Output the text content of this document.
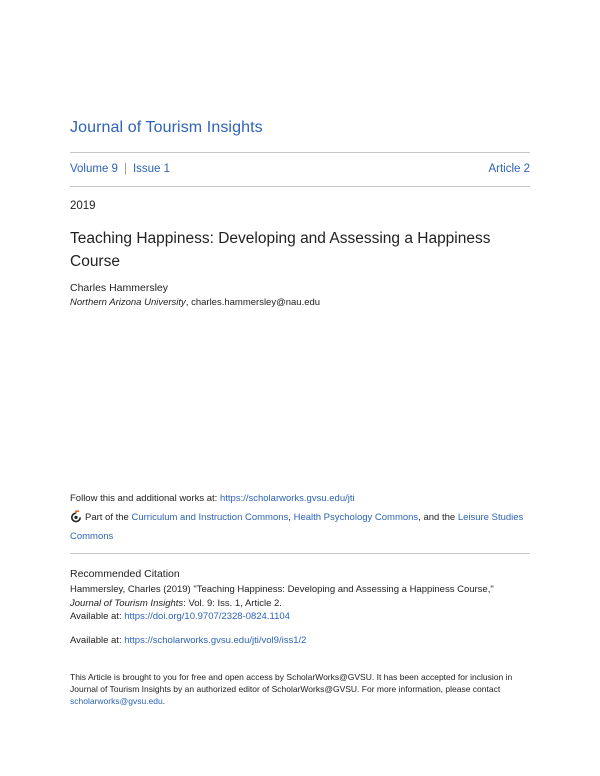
Journal of Tourism Insights
Volume 9 | Issue 1	Article 2
2019
Teaching Happiness: Developing and Assessing a Happiness Course
Charles Hammersley
Northern Arizona University, charles.hammersley@nau.edu
Follow this and additional works at: https://scholarworks.gvsu.edu/jti
Part of the Curriculum and Instruction Commons, Health Psychology Commons, and the Leisure Studies Commons
Recommended Citation
Hammersley, Charles (2019) "Teaching Happiness: Developing and Assessing a Happiness Course,"
Journal of Tourism Insights: Vol. 9: Iss. 1, Article 2.
Available at: https://doi.org/10.9707/2328-0824.1104
Available at: https://scholarworks.gvsu.edu/jti/vol9/iss1/2
This Article is brought to you for free and open access by ScholarWorks@GVSU. It has been accepted for inclusion in Journal of Tourism Insights by an authorized editor of ScholarWorks@GVSU. For more information, please contact scholarworks@gvsu.edu.
